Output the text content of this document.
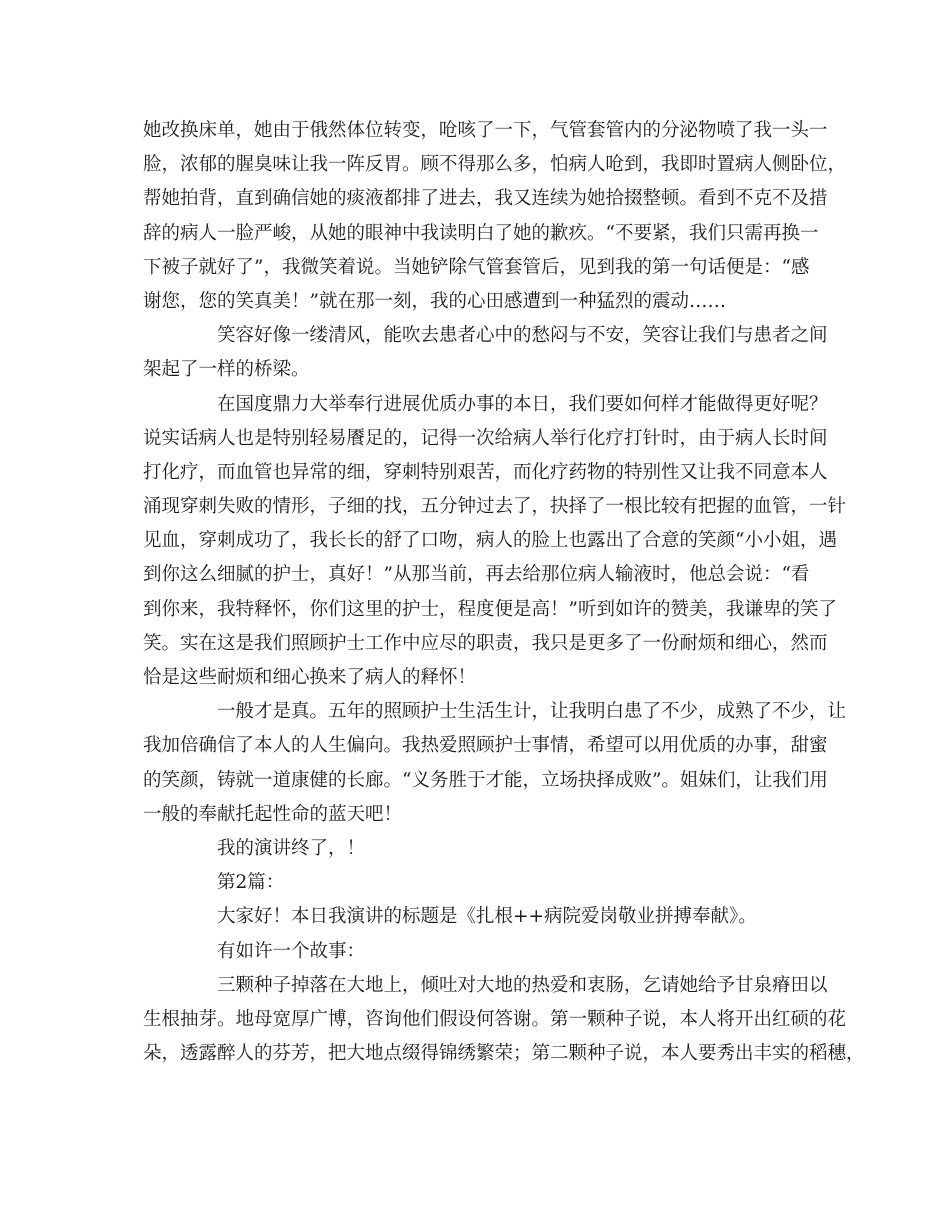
她改换床单，她由于俄然体位转变，呛咳了一下，气管套管内的分泌物喷了我一头一
脸，浓郁的腥臭味让我一阵反胃。顾不得那么多，怕病人呛到，我即时置病人侧卧位，
帮她拍背，直到确信她的痰液都排了进去，我又连续为她拾掇整顿。看到不克不及措
辞的病人一脸严峻，从她的眼神中我读明白了她的歉疚。“不要紧，我们只需再换一
下被子就好了”，我微笑着说。当她铲除气管套管后，见到我的第一句话便是：“感
谢您，您的笑真美！”就在那一刻，我的心田感遭到一种猛烈的震动……
笑容好像一缕清风，能吹去患者心中的愁闷与不安，笑容让我们与患者之间
架起了一样的桥梁。
在国度鼎力大举奉行进展优质办事的本日，我们要如何样才能做得更好呢？
说实话病人也是特别轻易餍足的，记得一次给病人举行化疗打针时，由于病人长时间
打化疗，而血管也异常的细，穿刺特别艰苦，而化疗药物的特别性又让我不同意本人
涌现穿刺失败的情形，子细的找，五分钟过去了，抉择了一根比较有把握的血管，一针
见血，穿刺成功了，我长长的舒了口吻，病人的脸上也露出了合意的笑颜“小小姐，遇
到你这么细腻的护士，真好！”从那当前，再去给那位病人输液时，他总会说：“看
到你来，我特释怀，你们这里的护士，程度便是高！”听到如许的赞美，我谦卑的笑了
笑。实在这是我们照顾护士工作中应尽的职责，我只是更多了一份耐烦和细心，然而
恰是这些耐烦和细心换来了病人的释怀！
一般才是真。五年的照顾护士生活生计，让我明白患了不少，成熟了不少，让
我加倍确信了本人的人生偏向。我热爱照顾护士事情，希望可以用优质的办事，甜蜜
的笑颜，铸就一道康健的长廊。“义务胜于才能，立场抉择成败”。姐妹们，让我们用
一般的奉献托起性命的蓝天吧！
我的演讲终了，！
第2篇：
大家好！本日我演讲的标题是《扎根++病院爱岗敬业拼搏奉献》。
有如许一个故事：
三颗种子掉落在大地上，倾吐对大地的热爱和衷肠，乞请她给予甘泉瘠田以
生根抽芽。地母宽厚广博，咨询他们假设何答谢。第一颗种子说，本人将开出红硕的花
朵，透露醉人的芬芳，把大地点缀得锦绣繁荣；第二颗种子说，本人要秀出丰实的稻穗，
